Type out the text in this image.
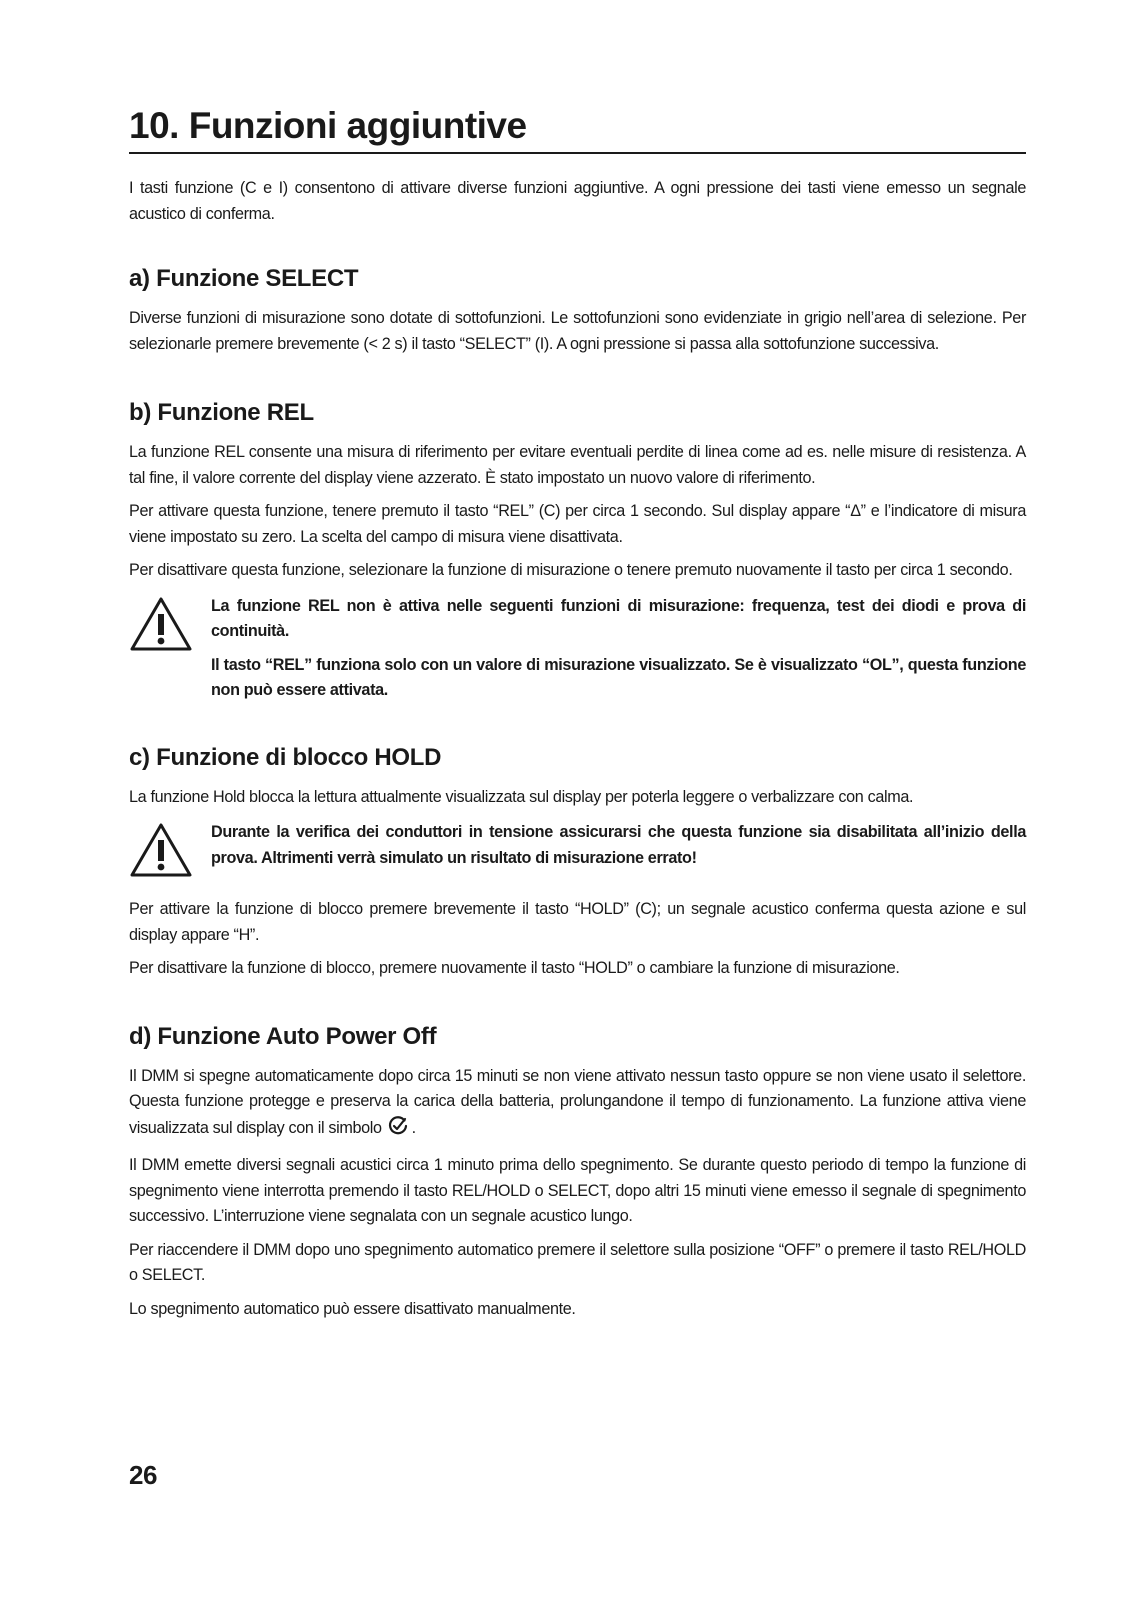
10. Funzioni aggiuntive

I tasti funzione (C e I) consentono di attivare diverse funzioni aggiuntive. A ogni pressione dei tasti viene emesso un segnale acustico di conferma.

a) Funzione SELECT

Diverse funzioni di misurazione sono dotate di sottofunzioni. Le sottofunzioni sono evidenziate in grigio nell’area di selezione. Per selezionarle premere brevemente (< 2 s) il tasto “SELECT” (I). A ogni pressione si passa alla sottofunzione successiva.

b) Funzione REL

La funzione REL consente una misura di riferimento per evitare eventuali perdite di linea come ad es. nelle misure di resistenza. A tal fine, il valore corrente del display viene azzerato. È stato impostato un nuovo valore di riferimento.

Per attivare questa funzione, tenere premuto il tasto “REL” (C) per circa 1 secondo. Sul display appare “Δ” e l’indicatore di misura viene impostato su zero. La scelta del campo di misura viene disattivata.

Per disattivare questa funzione, selezionare la funzione di misurazione o tenere premuto nuovamente il tasto per circa 1 secondo.

La funzione REL non è attiva nelle seguenti funzioni di misurazione: frequenza, test dei diodi e prova di continuità.

Il tasto “REL” funziona solo con un valore di misurazione visualizzato. Se è visualizzato “OL”, questa funzione non può essere attivata.

c) Funzione di blocco HOLD

La funzione Hold blocca la lettura attualmente visualizzata sul display per poterla leggere o verbalizzare con calma.

Durante la verifica dei conduttori in tensione assicurarsi che questa funzione sia disabilitata all’inizio della prova. Altrimenti verrà simulato un risultato di misurazione errato!

Per attivare la funzione di blocco premere brevemente il tasto “HOLD” (C); un segnale acustico conferma questa azione e sul display appare “H”.

Per disattivare la funzione di blocco, premere nuovamente il tasto “HOLD” o cambiare la funzione di misurazione.

d) Funzione Auto Power Off

Il DMM si spegne automaticamente dopo circa 15 minuti se non viene attivato nessun tasto oppure se non viene usato il selettore. Questa funzione protegge e preserva la carica della batteria, prolungandone il tempo di funzionamento. La funzione attiva viene visualizzata sul display con il simbolo .

Il DMM emette diversi segnali acustici circa 1 minuto prima dello spegnimento. Se durante questo periodo di tempo la funzione di spegnimento viene interrotta premendo il tasto REL/HOLD o SELECT, dopo altri 15 minuti viene emesso il segnale di spegnimento successivo. L’interruzione viene segnalata con un segnale acustico lungo.

Per riaccendere il DMM dopo uno spegnimento automatico premere il selettore sulla posizione “OFF” o premere il tasto REL/HOLD o SELECT.

Lo spegnimento automatico può essere disattivato manualmente.

26
